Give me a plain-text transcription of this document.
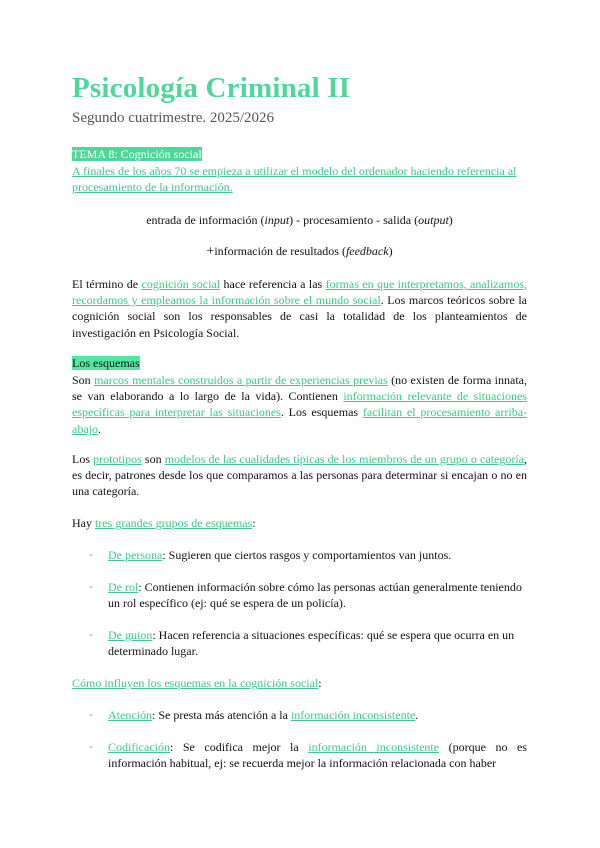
Psicología Criminal II
Segundo cuatrimestre. 2025/2026
TEMA 8: Cognición social
A finales de los años 70 se empieza a utilizar el modelo del ordenador haciendo referencia al procesamiento de la información.
entrada de información (input) - procesamiento - salida (output)
+información de resultados (feedback)
El término de cognición social hace referencia a las formas en que interpretamos, analizamos, recordamos y empleamos la información sobre el mundo social. Los marcos teóricos sobre la cognición social son los responsables de casi la totalidad de los planteamientos de investigación en Psicología Social.
Los esquemas
Son marcos mentales construidos a partir de experiencias previas (no existen de forma innata, se van elaborando a lo largo de la vida). Contienen información relevante de situaciones específicas para interpretar las situaciones. Los esquemas facilitan el procesamiento arriba-abajo.
Los prototipos son modelos de las cualidades típicas de los miembros de un grupo o categoría, es decir, patrones desde los que comparamos a las personas para determinar si encajan o no en una categoría.
Hay tres grandes grupos de esquemas:
- De persona: Sugieren que ciertos rasgos y comportamientos van juntos.
- De rol: Contienen información sobre cómo las personas actúan generalmente teniendo un rol específico (ej: qué se espera de un policía).
- De guion: Hacen referencia a situaciones específicas: qué se espera que ocurra en un determinado lugar.
Cómo influyen los esquemas en la cognición social:
- Atención: Se presta más atención a la información inconsistente.
- Codificación: Se codifica mejor la información inconsistente (porque no es información habitual, ej: se recuerda mejor la información relacionada con haber
